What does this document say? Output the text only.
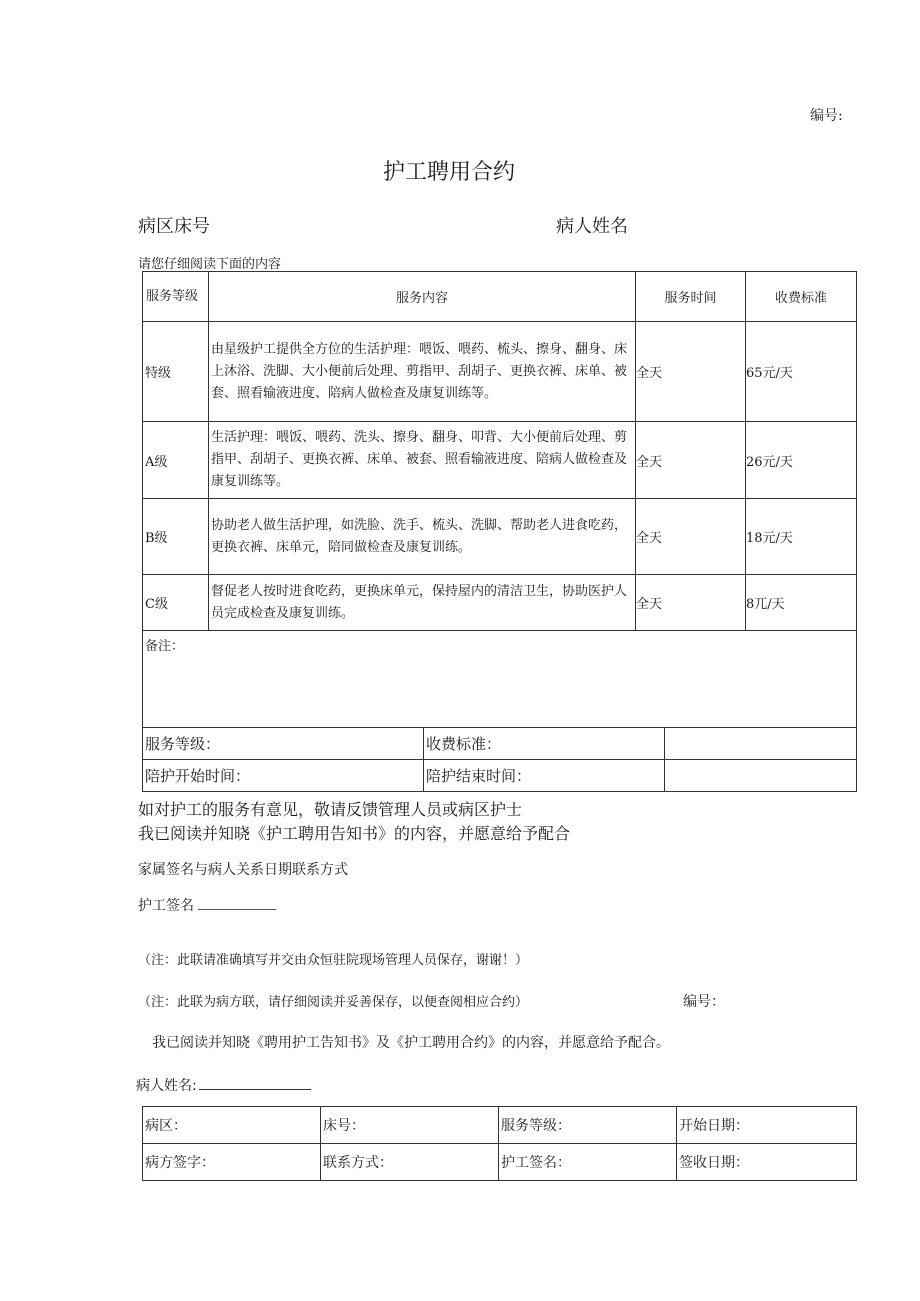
编号:
护工聘用合约
病区床号	病人姓名
请您仔细阅读下面的内容
服务等级	服务内容	服务时间	收费标准
特级	由星级护工提供全方位的生活护理：喂饭、喂药、梳头、擦身、翻身、床上沐浴、洗脚、大小便前后处理、剪指甲、刮胡子、更换衣裤、床单、被套、照看输液进度、陪病人做检查及康复训练等。	全天	65元/天
A级	生活护理：喂饭、喂药、洗头、擦身、翻身、叩背、大小便前后处理、剪指甲、刮胡子、更换衣裤、床单、被套、照看输液进度、陪病人做检查及康复训练等。	全天	26元/天
B级	协助老人做生活护理，如洗脸、洗手、梳头、洗脚、帮助老人进食吃药，更换衣裤、床单元，陪同做检查及康复训练。	全天	18元/天
C级	督促老人按时进食吃药，更换床单元，保持屋内的清洁卫生，协助医护人员完成检查及康复训练。	全天	8兀/天
备注：			
服务等级：	收费标准：	
陪护开始时间：	陪护结束时间：	
如对护工的服务有意见，敬请反馈管理人员或病区护士
我已阅读并知晓《护工聘用告知书》的内容，并愿意给予配合
家属签名与病人关系日期联系方式
护工签名
（注：此联请准确填写并交由众恒驻院现场管理人员保存，谢谢！）
（注：此联为病方联，请仔细阅读并妥善保存，以便查阅相应合约）	编号：
我已阅读并知晓《聘用护工告知书》及《护工聘用合约》的内容，并愿意给予配合。
病人姓名:
病区：	床号：	服务等级：	开始日期：
病方签字：	联系方式：	护工签名：	签收日期：
